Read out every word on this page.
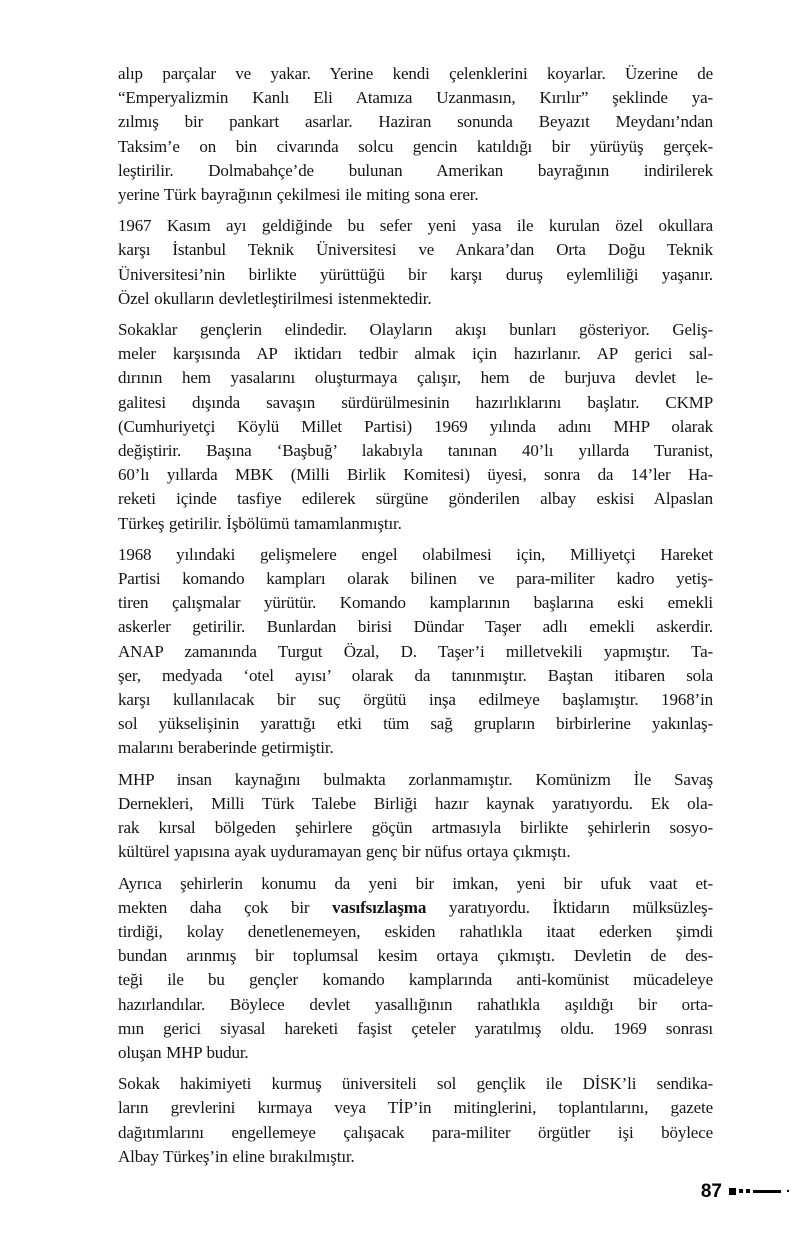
alıp parçalar ve yakar. Yerine kendi çelenklerini koyarlar. Üzerine de
“Emperyalizmin Kanlı Eli Atamıza Uzanmasın, Kırılır” şeklinde ya-
zılmış bir pankart asarlar. Haziran sonunda Beyazıt Meydanı’ndan
Taksim’e on bin civarında solcu gencin katıldığı bir yürüyüş gerçek-
leştirilir. Dolmabahçe’de bulunan Amerikan bayrağının indirilerek
yerine Türk bayrağının çekilmesi ile miting sona erer.

1967 Kasım ayı geldiğinde bu sefer yeni yasa ile kurulan özel okullara
karşı İstanbul Teknik Üniversitesi ve Ankara’dan Orta Doğu Teknik
Üniversitesi’nin birlikte yürüttüğü bir karşı duruş eylemliliği yaşanır.
Özel okulların devletleştirilmesi istenmektedir.

Sokaklar gençlerin elindedir. Olayların akışı bunları gösteriyor. Geliş-
meler karşısında AP iktidarı tedbir almak için hazırlanır. AP gerici sal-
dırının hem yasalarını oluşturmaya çalışır, hem de burjuva devlet le-
galitesi dışında savaşın sürdürülmesinin hazırlıklarını başlatır. CKMP
(Cumhuriyetçi Köylü Millet Partisi) 1969 yılında adını MHP olarak
değiştirir. Başına ‘Başbuğ’ lakabıyla tanınan 40’lı yıllarda Turanist,
60’lı yıllarda MBK (Milli Birlik Komitesi) üyesi, sonra da 14’ler Ha-
reketi içinde tasfiye edilerek sürgüne gönderilen albay eskisi Alpaslan
Türkeş getirilir. İşbölümü tamamlanmıştır.

1968 yılındaki gelişmelere engel olabilmesi için, Milliyetçi Hareket
Partisi komando kampları olarak bilinen ve para-militer kadro yetiş-
tiren çalışmalar yürütür. Komando kamplarının başlarına eski emekli
askerler getirilir. Bunlardan birisi Dündar Taşer adlı emekli askerdir.
ANAP zamanında Turgut Özal, D. Taşer’i milletvekili yapmıştır. Ta-
şer, medyada ‘otel ayısı’ olarak da tanınmıştır. Baştan itibaren sola
karşı kullanılacak bir suç örgütü inşa edilmeye başlamıştır. 1968’in
sol yükselişinin yarattığı etki tüm sağ grupların birbirlerine yakınlaş-
malarını beraberinde getirmiştir.

MHP insan kaynağını bulmakta zorlanmamıştır. Komünizm İle Savaş
Dernekleri, Milli Türk Talebe Birliği hazır kaynak yaratıyordu. Ek ola-
rak kırsal bölgeden şehirlere göçün artmasıyla birlikte şehirlerin sosyo-
kültürel yapısına ayak uyduramayan genç bir nüfus ortaya çıkmıştı.

Ayrıca şehirlerin konumu da yeni bir imkan, yeni bir ufuk vaat et-
mekten daha çok bir vasıfsızlaşma yaratıyordu. İktidarın mülksüzleş-
tirdiği, kolay denetlenemeyen, eskiden rahatlıkla itaat ederken şimdi
bundan arınmış bir toplumsal kesim ortaya çıkmıştı. Devletin de des-
teği ile bu gençler komando kamplarında anti-komünist mücadeleye
hazırlandılar. Böylece devlet yasallığının rahatlıkla aşıldığı bir orta-
mın gerici siyasal hareketi faşist çeteler yaratılmış oldu. 1969 sonrası
oluşan MHP budur.

Sokak hakimiyeti kurmuş üniversiteli sol gençlik ile DİSK’li sendika-
ların grevlerini kırmaya veya TİP’in mitinglerini, toplantılarını, gazete
dağıtımlarını engellemeye çalışacak para-militer örgütler işi böylece
Albay Türkeş’in eline bırakılmıştır.

87
